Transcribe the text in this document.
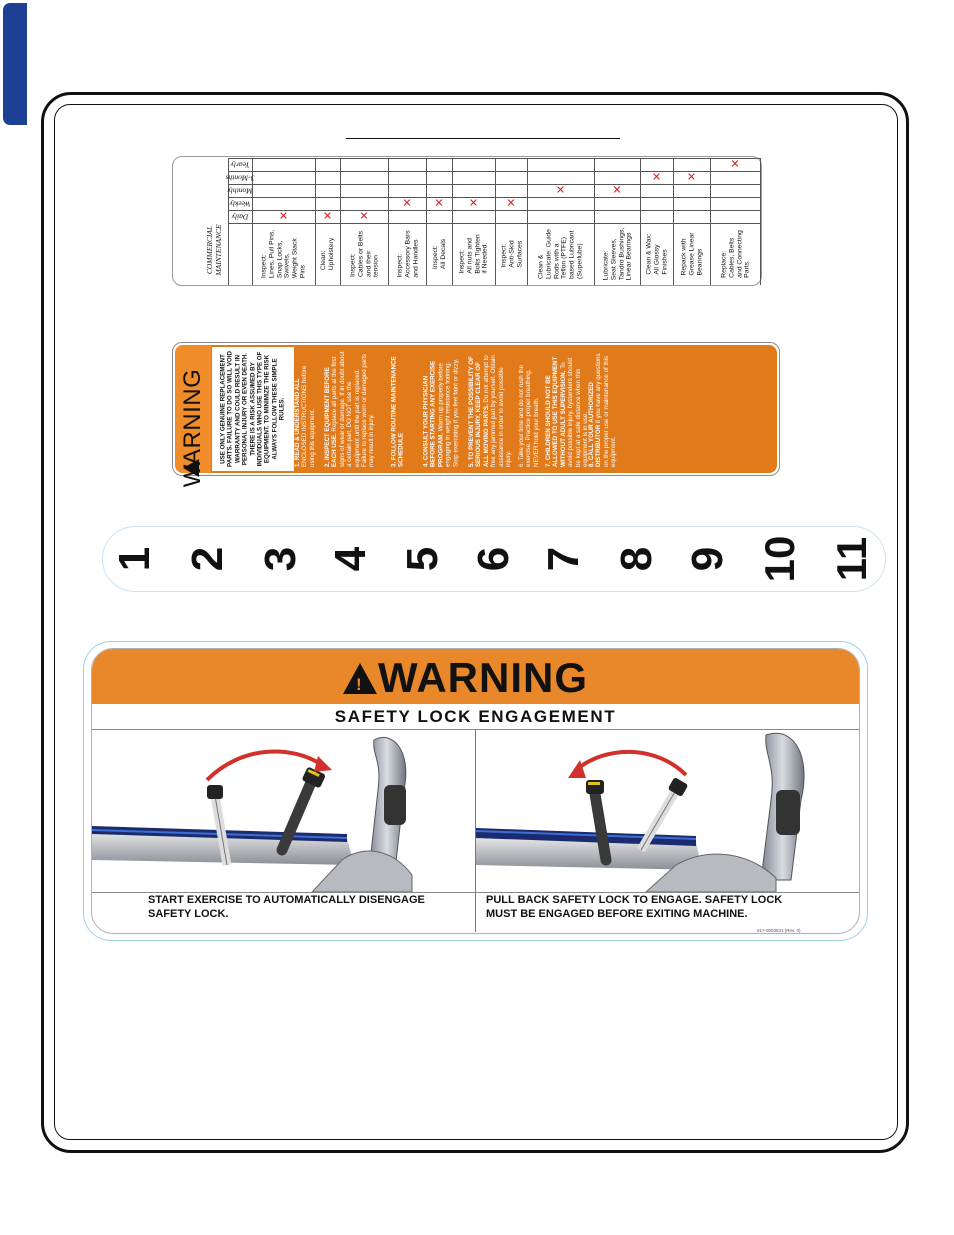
NOTICE COMMERCIAL MAINTENANCE
Daily
Weekly
Monthly
3-Months
Yearly
Inspect:
Lines, Pull Pins,
Snap Locks,
Swivels,
Weight Stack
Pins
✕
Clean:
Upholstery
✕
Inspect:
Cables or Belts
and their
tension
✕
Inspect:
Accessory Bars
and Handles
✕
Inspect:
All Decals
✕
Inspect:
All nuts and
Bolts Tighten
if Needed.
✕
Inspect:
Anti-Skid
Surfaces
✕
Clean &
Lubricate: Guide
Rods with a
Teflon (PTFE)
based Lubricant
(Superlube)
✕
Lubricate:
Seat Sleeves,
Tandro Bushings,
Linear Bearings
✕
Clean & Wax:
All Glossy
Finishes
✕
Repack with
Grease Linear
Bearings
✕
Replace:
Cables, Belts
and Connecting
Parts.
✕
WARNING USE ONLY GENUINE REPLACEMENT PARTS. FAILURE TO DO SO WILL VOID WARRANTY AND COULD RESULT IN PERSONAL INJURY OR EVEN DEATH. THERE IS A RISK ASSUMED BY INDIVIDUALS WHO USE THIS TYPE OF EQUIPMENT. TO MINIMIZE THE RISK ALWAYS FOLLOW THESE SIMPLE RULES. 1. READ & UNDERSTAND ALL ENCLOSED INSTRUCTIONS before using this equipment. 2. INSPECT EQUIPMENT BEFORE EACH USE. Replace all parts at the first signs of wear or damage. If in doubt about a certain part, DO NOT use the equipment until the part is replaced. Failure to replace worn or damaged parts may result in injury. 3. FOLLOW ROUTINE MAINTENANCE SCHEDULE	4. CONSULT YOUR PHYSICIAN BEFORE STARTING ANY EXERCISE PROGRAM. Warm up properly before engaging in weight resistance training. Stop exercising if you feel faint or dizzy. 5. TO PREVENT THE POSSIBILITY OF SERIOUS INJURY, KEEP CLEAR OF ALL MOVING PARTS. Do not attempt to free any jammed part by yourself. Obtain assistance in order to avoid possible injury. 6. Take your time and do not rush the exercise. Practice proper breathing, NEVER hold your breath. 7. CHILDREN SHOULD NOT BE ALLOWED TO USE THIS EQUIPMENT WITHOUT ADULT SUPERVISION. To avoid possible injury, bystanders should be kept at a safe distance when this equipment is in use. 8. CALL YOUR AUTHORIZED DISTRIBUTOR if you have any questions on the proper use or maintenance of this equipment.
1 2 3 4 5 6 7 8 9 10 11
! WARNING
SAFETY LOCK ENGAGEMENT
START EXERCISE TO AUTOMATICALLY DISENGAGE
SAFETY LOCK.
PULL BACK SAFETY LOCK TO ENGAGE. SAFETY LOCK
MUST BE ENGAGED BEFORE EXITING MACHINE.
517-0003531 (Rev. 0)
